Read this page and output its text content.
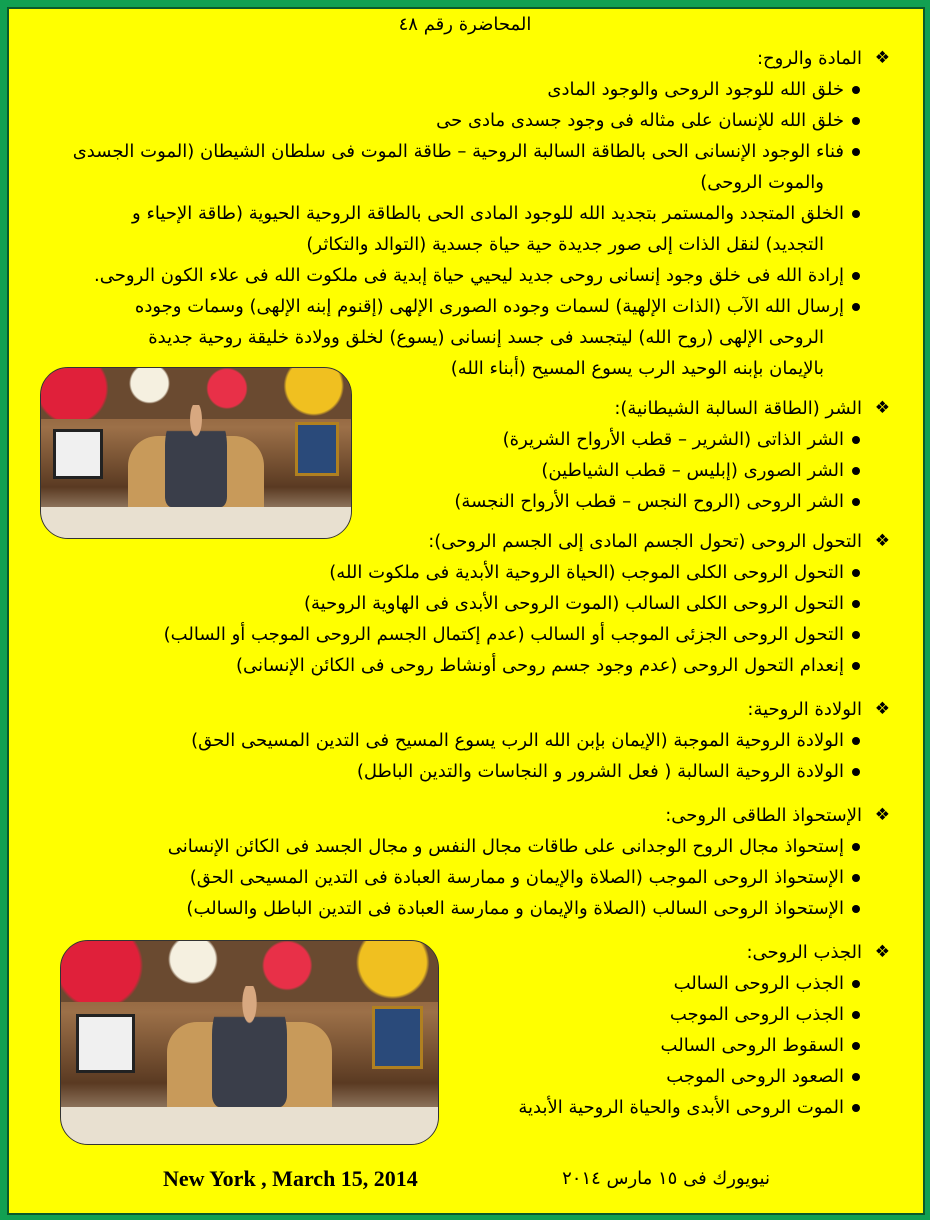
المحاضرة رقم ٤٨
❖
المادة والروح:
خلق الله للوجود الروحى والوجود المادى
خلق الله للإنسان على مثاله فى وجود جسدى مادى حى
فناء الوجود الإنسانى الحى بالطاقة السالبة الروحية – طاقة الموت فى سلطان الشيطان (الموت الجسدى
والموت الروحى)
الخلق المتجدد والمستمر بتجديد الله للوجود المادى الحى بالطاقة الروحية الحيوية (طاقة الإحياء و
التجديد) لنقل الذات إلى صور جديدة حية حياة جسدية (التوالد والتكاثر)
إرادة الله فى خلق وجود إنسانى روحى جديد ليحيي حياة إبدية فى ملكوت الله فى علاء الكون الروحى.
إرسال الله الآب (الذات الإلهية) لسمات وجوده الصورى الإلهى (إقنوم إبنه الإلهى) وسمات وجوده
الروحى الإلهى (روح الله) ليتجسد فى جسد إنسانى (يسوع) لخلق وولادة خليقة روحية جديدة
بالإيمان بإبنه الوحيد الرب يسوع المسيح (أبناء الله)
❖
الشر (الطاقة السالبة الشيطانية):
الشر الذاتى (الشرير – قطب الأرواح الشريرة)
الشر الصورى (إبليس – قطب الشياطين)
الشر الروحى (الروح النجس – قطب الأرواح النجسة)
❖
التحول الروحى (تحول الجسم المادى إلى الجسم الروحى):
التحول الروحى الكلى الموجب (الحياة الروحية الأبدية فى ملكوت الله)
التحول الروحى الكلى السالب (الموت الروحى الأبدى فى الهاوية الروحية)
التحول الروحى الجزئى الموجب أو السالب (عدم إكتمال الجسم الروحى الموجب أو السالب)
إنعدام التحول الروحى (عدم وجود جسم روحى أونشاط روحى فى الكائن الإنسانى)
❖
الولادة الروحية:
الولادة الروحية الموجبة (الإيمان بإبن الله الرب يسوع المسيح فى التدين المسيحى الحق)
الولادة الروحية السالبة ( فعل الشرور و النجاسات والتدين الباطل)
❖
الإستحواذ الطاقى الروحى:
إستحواذ مجال الروح الوجدانى على طاقات مجال النفس و مجال الجسد فى الكائن الإنسانى
الإستحواذ الروحى الموجب (الصلاة والإيمان و ممارسة العبادة فى التدين المسيحى الحق)
الإستحواذ الروحى السالب (الصلاة والإيمان و ممارسة العبادة فى التدين الباطل والسالب)
❖
الجذب الروحى:
الجذب الروحى السالب
الجذب الروحى الموجب
السقوط الروحى السالب
الصعود الروحى الموجب
الموت الروحى الأبدى والحياة الروحية الأبدية
New York , March 15, 2014	نيويورك فى ١٥ مارس ٢٠١٤
